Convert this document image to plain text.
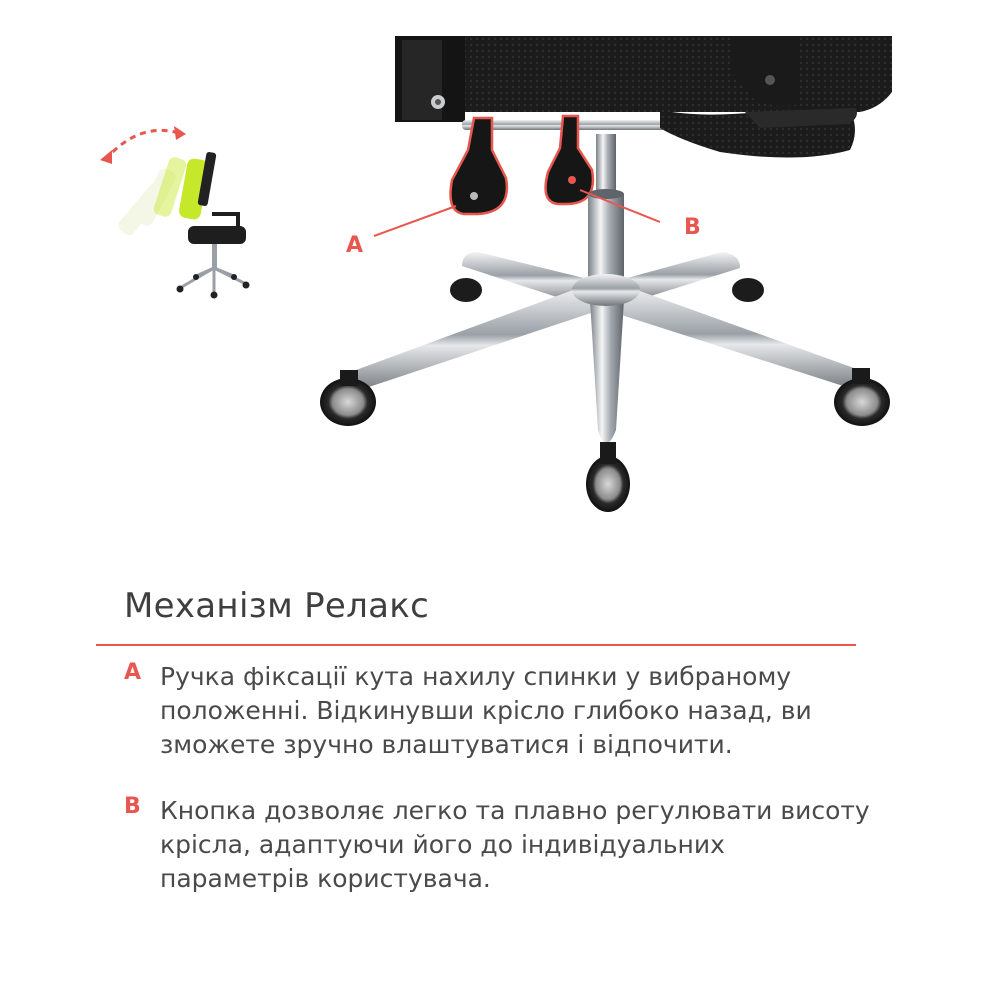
A
B
Механізм Релакс
A Ручка фіксації кута нахилу спинки у вибраному положенні. Відкинувши крісло глибоко назад, ви зможете зручно влаштуватися і відпочити.
B Кнопка дозволяє легко та плавно регулювати висоту крісла, адаптуючи його до індивідуальних параметрів користувача.
